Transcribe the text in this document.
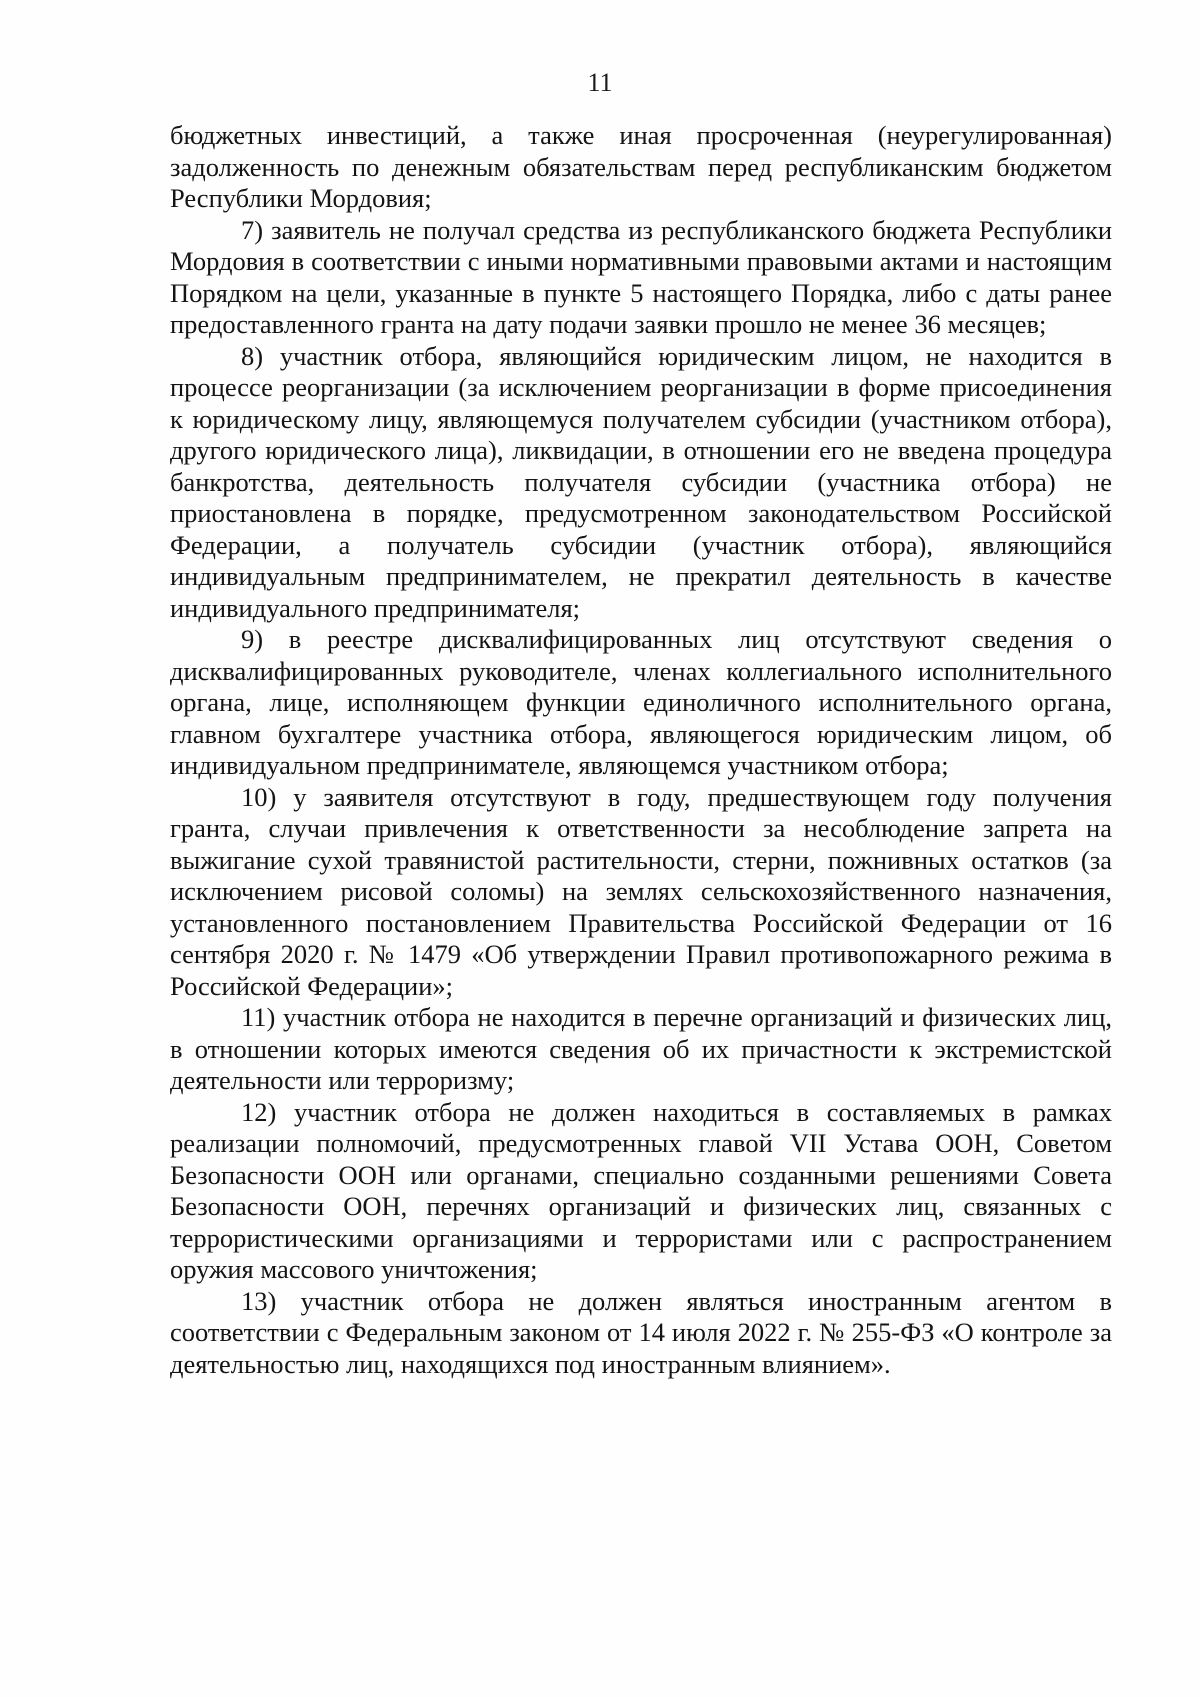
11

бюджетных инвестиций, а также иная просроченная (неурегулированная) задолженность по денежным обязательствам перед республиканским бюджетом Республики Мордовия;

7) заявитель не получал средства из республиканского бюджета Республики Мордовия в соответствии с иными нормативными правовыми актами и настоящим Порядком на цели, указанные в пункте 5 настоящего Порядка, либо с даты ранее предоставленного гранта на дату подачи заявки прошло не менее 36 месяцев;

8) участник отбора, являющийся юридическим лицом, не находится в процессе реорганизации (за исключением реорганизации в форме присоединения к юридическому лицу, являющемуся получателем субсидии (участником отбора), другого юридического лица), ликвидации, в отношении его не введена процедура банкротства, деятельность получателя субсидии (участника отбора) не приостановлена в порядке, предусмотренном законодательством Российской Федерации, а получатель субсидии (участник отбора), являющийся индивидуальным предпринимателем, не прекратил деятельность в качестве индивидуального предпринимателя;

9) в реестре дисквалифицированных лиц отсутствуют сведения о дисквалифицированных руководителе, членах коллегиального исполнительного органа, лице, исполняющем функции единоличного исполнительного органа, главном бухгалтере участника отбора, являющегося юридическим лицом, об индивидуальном предпринимателе, являющемся участником отбора;

10) у заявителя отсутствуют в году, предшествующем году получения гранта, случаи привлечения к ответственности за несоблюдение запрета на выжигание сухой травянистой растительности, стерни, пожнивных остатков (за исключением рисовой соломы) на землях сельскохозяйственного назначения, установленного постановлением Правительства Российской Федерации от 16 сентября 2020 г. № 1479 «Об утверждении Правил противопожарного режима в Российской Федерации»;

11) участник отбора не находится в перечне организаций и физических лиц, в отношении которых имеются сведения об их причастности к экстремистской деятельности или терроризму;

12) участник отбора не должен находиться в составляемых в рамках реализации полномочий, предусмотренных главой VII Устава ООН, Советом Безопасности ООН или органами, специально созданными решениями Совета Безопасности ООН, перечнях организаций и физических лиц, связанных с террористическими организациями и террористами или с распространением оружия массового уничтожения;

13) участник отбора не должен являться иностранным агентом в соответствии с Федеральным законом от 14 июля 2022 г. № 255-ФЗ «О контроле за деятельностью лиц, находящихся под иностранным влиянием».
